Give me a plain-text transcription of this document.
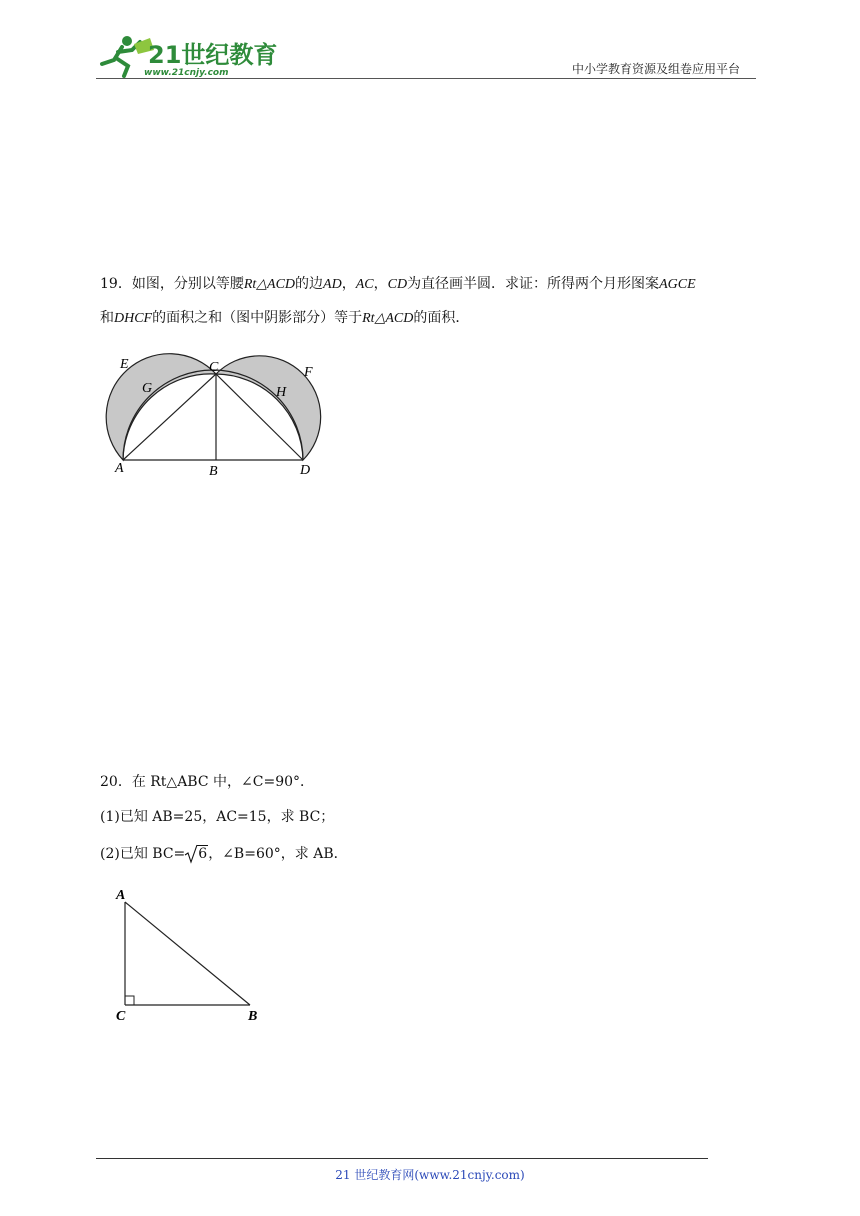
21世纪教育
www.21cnjy.com	中小学教育资源及组卷应用平台
19．如图，分别以等腰Rt△ACD的边AD，AC，CD为直径画半圆．求证：所得两个月形图案AGCE
和DHCF的面积之和（图中阴影部分）等于Rt△ACD的面积．
E
G
C	F
H
A	B	D
20．在 Rt△ABC 中，∠C=90°．
(1)已知 AB=25，AC=15，求 BC；
(2)已知 BC= 6，∠B=60°，求 AB．
A
C	B
21 世纪教育网(www.21cnjy.com)
